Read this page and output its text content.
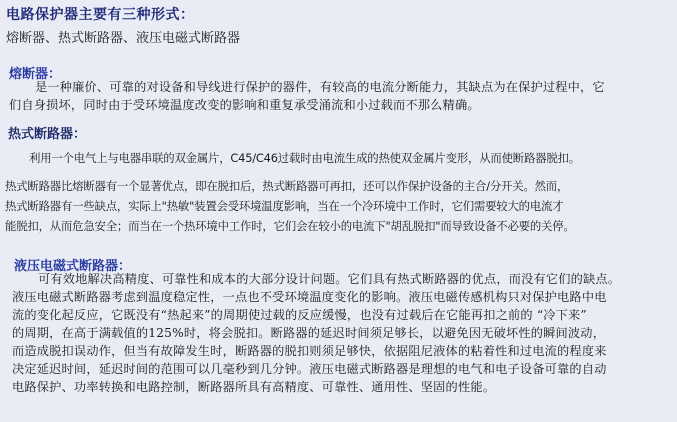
电路保护器主要有三种形式：
熔断器、热式断路器、液压电磁式断路器
熔断器：
是一种廉价、可靠的对设备和导线进行保护的器件，有较高的电流分断能力，其缺点为在保护过程中，它
们自身损坏，同时由于受环境温度改变的影响和重复承受涌流和小过载而不那么精确。
热式断路器：
利用一个电气上与电器串联的双金属片，C45/C46过载时由电流生成的热使双金属片变形，从而使断路器脱扣。
热式断路器比熔断器有一个显著优点，即在脱扣后，热式断路器可再扣，还可以作保护设备的主合/分开关。然而，
热式断路器有一些缺点，实际上"热敏"装置会受环境温度影响，当在一个冷环境中工作时，它们需要较大的电流才
能脱扣，从而危急安全；而当在一个热环境中工作时，它们会在较小的电流下"胡乱脱扣"而导致设备不必要的关停。
液压电磁式断路器：
可有效地解决高精度、可靠性和成本的大部分设计问题。它们具有热式断路器的优点，而没有它们的缺点。
液压电磁式断路器考虑到温度稳定性，一点也不受环境温度变化的影响。液压电磁传感机构只对保护电路中电
流的变化起反应，它既没有“热起来”的周期使过载的反应缓慢，也没有过载后在它能再扣之前的 “冷下来”
的周期，在高于满载值的125%时，将会脱扣。断路器的延迟时间须足够长，以避免因无破坏性的瞬间波动，
而造成脱扣误动作，但当有故障发生时，断路器的脱扣则须足够快，依据阻尼液体的粘着性和过电流的程度来
决定延迟时间，延迟时间的范围可以几毫秒到几分钟。液压电磁式断路器是理想的电气和电子设备可靠的自动
电路保护、功率转换和电路控制，断路器所具有高精度、可靠性、通用性、坚固的性能。
